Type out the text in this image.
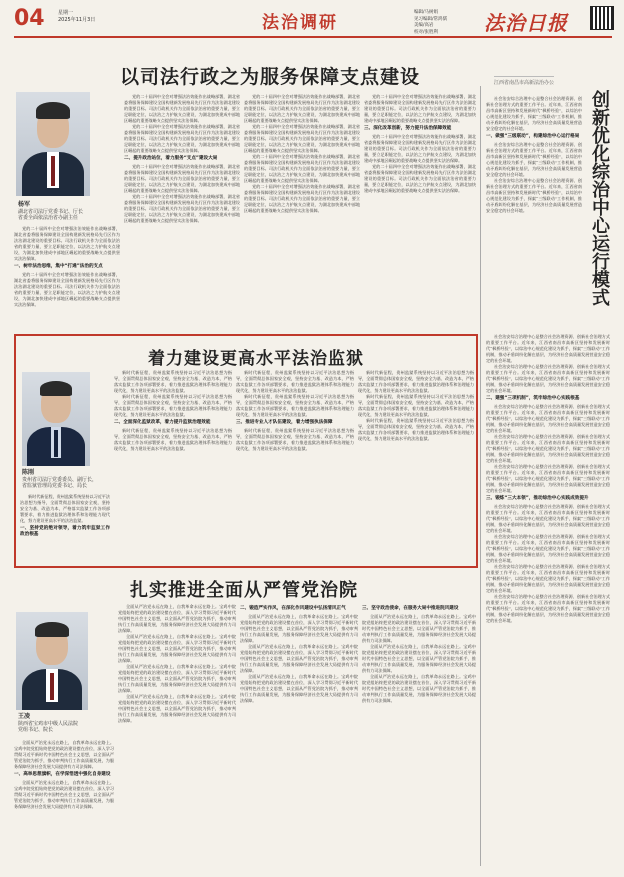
04	星期一
2025年11月3日	法治调研
编辑/马树娟
见习编辑/常鸿儒
美编/高岩
校对/张胜利	法治日报
以司法行政之为服务保障支点建设
杨军
湖北省司法厅党委书记、厅长
省委全面依法治省办副主任

党的二十届四中全会对增强法治效能作出战略部署，湖北省委将服务保障建设全国构建新发展格局先行区作为法治湖北建设的重要目标。司法行政机关作为全面依法治省的重要力量，要立足职能定位，以法治之力护航支点建设，为湖北加快建成中部地区崛起的重要战略支点提供坚实法治保障。

一、树牢法治思维，集中“打通”法治的支点

党的二十届四中全会对增强法治效能作出战略部署，湖北省委将服务保障建设全国构建新发展格局先行区作为法治湖北建设的重要目标。司法行政机关作为全面依法治省的重要力量，要立足职能定位，以法治之力护航支点建设，为湖北加快建成中部地区崛起的重要战略支点提供坚实法治保障。

党的二十届四中全会对增强法治效能作出战略部署，湖北省委将服务保障建设全国构建新发展格局先行区作为法治湖北建设的重要目标。司法行政机关作为全面依法治省的重要力量，要立足职能定位，以法治之力护航支点建设，为湖北加快建成中部地区崛起的重要战略支点提供坚实法治保障。

党的二十届四中全会对增强法治效能作出战略部署，湖北省委将服务保障建设全国构建新发展格局先行区作为法治湖北建设的重要目标。司法行政机关作为全面依法治省的重要力量，要立足职能定位，以法治之力护航支点建设，为湖北加快建成中部地区崛起的重要战略支点提供坚实法治保障。

二、提升政治站位，着力服务“支点”建设大局

党的二十届四中全会对增强法治效能作出战略部署，湖北省委将服务保障建设全国构建新发展格局先行区作为法治湖北建设的重要目标。司法行政机关作为全面依法治省的重要力量，要立足职能定位，以法治之力护航支点建设，为湖北加快建成中部地区崛起的重要战略支点提供坚实法治保障。

党的二十届四中全会对增强法治效能作出战略部署，湖北省委将服务保障建设全国构建新发展格局先行区作为法治湖北建设的重要目标。司法行政机关作为全面依法治省的重要力量，要立足职能定位，以法治之力护航支点建设，为湖北加快建成中部地区崛起的重要战略支点提供坚实法治保障。

党的二十届四中全会对增强法治效能作出战略部署，湖北省委将服务保障建设全国构建新发展格局先行区作为法治湖北建设的重要目标。司法行政机关作为全面依法治省的重要力量，要立足职能定位，以法治之力护航支点建设，为湖北加快建成中部地区崛起的重要战略支点提供坚实法治保障。

党的二十届四中全会对增强法治效能作出战略部署，湖北省委将服务保障建设全国构建新发展格局先行区作为法治湖北建设的重要目标。司法行政机关作为全面依法治省的重要力量，要立足职能定位，以法治之力护航支点建设，为湖北加快建成中部地区崛起的重要战略支点提供坚实法治保障。

党的二十届四中全会对增强法治效能作出战略部署，湖北省委将服务保障建设全国构建新发展格局先行区作为法治湖北建设的重要目标。司法行政机关作为全面依法治省的重要力量，要立足职能定位，以法治之力护航支点建设，为湖北加快建成中部地区崛起的重要战略支点提供坚实法治保障。

党的二十届四中全会对增强法治效能作出战略部署，湖北省委将服务保障建设全国构建新发展格局先行区作为法治湖北建设的重要目标。司法行政机关作为全面依法治省的重要力量，要立足职能定位，以法治之力护航支点建设，为湖北加快建成中部地区崛起的重要战略支点提供坚实法治保障。

党的二十届四中全会对增强法治效能作出战略部署，湖北省委将服务保障建设全国构建新发展格局先行区作为法治湖北建设的重要目标。司法行政机关作为全面依法治省的重要力量，要立足职能定位，以法治之力护航支点建设，为湖北加快建成中部地区崛起的重要战略支点提供坚实法治保障。

三、深化改革创新，努力提升法治保障效能

党的二十届四中全会对增强法治效能作出战略部署，湖北省委将服务保障建设全国构建新发展格局先行区作为法治湖北建设的重要目标。司法行政机关作为全面依法治省的重要力量，要立足职能定位，以法治之力护航支点建设，为湖北加快建成中部地区崛起的重要战略支点提供坚实法治保障。

党的二十届四中全会对增强法治效能作出战略部署，湖北省委将服务保障建设全国构建新发展格局先行区作为法治湖北建设的重要目标。司法行政机关作为全面依法治省的重要力量，要立足职能定位，以法治之力护航支点建设，为湖北加快建成中部地区崛起的重要战略支点提供坚实法治保障。

江西省南昌市高新法治办公
创新优化综治中心运行模式

社会治安综合治理中心是整合社会治理资源、创新社会治理方式的重要工作平台。近年来，江西省南昌市高新区坚持和发展新时代“枫桥经验”，以综治中心规范化建设为抓手，探索“三级联动”工作机制，推动矛盾纠纷化解在基层，为经济社会高质量发展营造安全稳定的社会环境。

一、做强“三级联动”，构建综治中心运行格局

社会治安综合治理中心是整合社会治理资源、创新社会治理方式的重要工作平台。近年来，江西省南昌市高新区坚持和发展新时代“枫桥经验”，以综治中心规范化建设为抓手，探索“三级联动”工作机制，推动矛盾纠纷化解在基层，为经济社会高质量发展营造安全稳定的社会环境。

社会治安综合治理中心是整合社会治理资源、创新社会治理方式的重要工作平台。近年来，江西省南昌市高新区坚持和发展新时代“枫桥经验”，以综治中心规范化建设为抓手，探索“三级联动”工作机制，推动矛盾纠纷化解在基层，为经济社会高质量发展营造安全稳定的社会环境。

社会治安综合治理中心是整合社会治理资源、创新社会治理方式的重要工作平台。近年来，江西省南昌市高新区坚持和发展新时代“枫桥经验”，以综治中心规范化建设为抓手，探索“三级联动”工作机制，推动矛盾纠纷化解在基层，为经济社会高质量发展营造安全稳定的社会环境。

社会治安综合治理中心是整合社会治理资源、创新社会治理方式的重要工作平台。近年来，江西省南昌市高新区坚持和发展新时代“枫桥经验”，以综治中心规范化建设为抓手，探索“三级联动”工作机制，推动矛盾纠纷化解在基层，为经济社会高质量发展营造安全稳定的社会环境。

二、建强“三项机制”，筑牢综治中心实践根基

社会治安综合治理中心是整合社会治理资源、创新社会治理方式的重要工作平台。近年来，江西省南昌市高新区坚持和发展新时代“枫桥经验”，以综治中心规范化建设为抓手，探索“三级联动”工作机制，推动矛盾纠纷化解在基层，为经济社会高质量发展营造安全稳定的社会环境。

社会治安综合治理中心是整合社会治理资源、创新社会治理方式的重要工作平台。近年来，江西省南昌市高新区坚持和发展新时代“枫桥经验”，以综治中心规范化建设为抓手，探索“三级联动”工作机制，推动矛盾纠纷化解在基层，为经济社会高质量发展营造安全稳定的社会环境。

社会治安综合治理中心是整合社会治理资源、创新社会治理方式的重要工作平台。近年来，江西省南昌市高新区坚持和发展新时代“枫桥经验”，以综治中心规范化建设为抓手，探索“三级联动”工作机制，推动矛盾纠纷化解在基层，为经济社会高质量发展营造安全稳定的社会环境。

三、锻炼“三大本领”，推动综治中心实践成效提升

社会治安综合治理中心是整合社会治理资源、创新社会治理方式的重要工作平台。近年来，江西省南昌市高新区坚持和发展新时代“枫桥经验”，以综治中心规范化建设为抓手，探索“三级联动”工作机制，推动矛盾纠纷化解在基层，为经济社会高质量发展营造安全稳定的社会环境。

社会治安综合治理中心是整合社会治理资源、创新社会治理方式的重要工作平台。近年来，江西省南昌市高新区坚持和发展新时代“枫桥经验”，以综治中心规范化建设为抓手，探索“三级联动”工作机制，推动矛盾纠纷化解在基层，为经济社会高质量发展营造安全稳定的社会环境。

社会治安综合治理中心是整合社会治理资源、创新社会治理方式的重要工作平台。近年来，江西省南昌市高新区坚持和发展新时代“枫桥经验”，以综治中心规范化建设为抓手，探索“三级联动”工作机制，推动矛盾纠纷化解在基层，为经济社会高质量发展营造安全稳定的社会环境。

社会治安综合治理中心是整合社会治理资源、创新社会治理方式的重要工作平台。近年来，江西省南昌市高新区坚持和发展新时代“枫桥经验”，以综治中心规范化建设为抓手，探索“三级联动”工作机制，推动矛盾纠纷化解在基层，为经济社会高质量发展营造安全稳定的社会环境。

着力建设更高水平法治监狱
陈刚
贵州省司法厅党委委员、副厅长，
省监狱管理局党委书记、局长

新时代新征程，贵州监狱系统坚持以习近平法治思想为指导，全面贯彻总体国家安全观，坚持安全为基、改造为本，严格落实监狱工作各项部署要求，着力推进监狱治理体系和治理能力现代化，努力建设更高水平的法治监狱。

一、坚持党的绝对领导，着力筑牢监狱工作政治根基

新时代新征程，贵州监狱系统坚持以习近平法治思想为指导，全面贯彻总体国家安全观，坚持安全为基、改造为本，严格落实监狱工作各项部署要求，着力推进监狱治理体系和治理能力现代化，努力建设更高水平的法治监狱。

新时代新征程，贵州监狱系统坚持以习近平法治思想为指导，全面贯彻总体国家安全观，坚持安全为基、改造为本，严格落实监狱工作各项部署要求，着力推进监狱治理体系和治理能力现代化，努力建设更高水平的法治监狱。

二、全面深化监狱改革，着力提升监狱治理效能

新时代新征程，贵州监狱系统坚持以习近平法治思想为指导，全面贯彻总体国家安全观，坚持安全为基、改造为本，严格落实监狱工作各项部署要求，着力推进监狱治理体系和治理能力现代化，努力建设更高水平的法治监狱。

新时代新征程，贵州监狱系统坚持以习近平法治思想为指导，全面贯彻总体国家安全观，坚持安全为基、改造为本，严格落实监狱工作各项部署要求，着力推进监狱治理体系和治理能力现代化，努力建设更高水平的法治监狱。

新时代新征程，贵州监狱系统坚持以习近平法治思想为指导，全面贯彻总体国家安全观，坚持安全为基、改造为本，严格落实监狱工作各项部署要求，着力推进监狱治理体系和治理能力现代化，努力建设更高水平的法治监狱。

三、推进专业人才队伍建设，着力增强执法保障

新时代新征程，贵州监狱系统坚持以习近平法治思想为指导，全面贯彻总体国家安全观，坚持安全为基、改造为本，严格落实监狱工作各项部署要求，着力推进监狱治理体系和治理能力现代化，努力建设更高水平的法治监狱。

新时代新征程，贵州监狱系统坚持以习近平法治思想为指导，全面贯彻总体国家安全观，坚持安全为基、改造为本，严格落实监狱工作各项部署要求，着力推进监狱治理体系和治理能力现代化，努力建设更高水平的法治监狱。

新时代新征程，贵州监狱系统坚持以习近平法治思想为指导，全面贯彻总体国家安全观，坚持安全为基、改造为本，严格落实监狱工作各项部署要求，着力推进监狱治理体系和治理能力现代化，努力建设更高水平的法治监狱。

新时代新征程，贵州监狱系统坚持以习近平法治思想为指导，全面贯彻总体国家安全观，坚持安全为基、改造为本，严格落实监狱工作各项部署要求，着力推进监狱治理体系和治理能力现代化，努力建设更高水平的法治监狱。

扎实推进全面从严管党治院
王凌
陕西省宝鸡市中级人民法院
党组书记、院长

全面从严治党永远在路上，自我革命永远在路上。宝鸡中院党组始终把党的政治建设摆在首位，深入学习贯彻习近平新时代中国特色社会主义思想，以全面从严管党治院为抓手，推动审判执行工作高质量发展，为服务保障经济社会发展大局提供有力司法保障。

一、高举思想旗帜，在学深悟透中强化自身建设

全面从严治党永远在路上，自我革命永远在路上。宝鸡中院党组始终把党的政治建设摆在首位，深入学习贯彻习近平新时代中国特色社会主义思想，以全面从严管党治院为抓手，推动审判执行工作高质量发展，为服务保障经济社会发展大局提供有力司法保障。

全面从严治党永远在路上，自我革命永远在路上。宝鸡中院党组始终把党的政治建设摆在首位，深入学习贯彻习近平新时代中国特色社会主义思想，以全面从严管党治院为抓手，推动审判执行工作高质量发展，为服务保障经济社会发展大局提供有力司法保障。

全面从严治党永远在路上，自我革命永远在路上。宝鸡中院党组始终把党的政治建设摆在首位，深入学习贯彻习近平新时代中国特色社会主义思想，以全面从严管党治院为抓手，推动审判执行工作高质量发展，为服务保障经济社会发展大局提供有力司法保障。

全面从严治党永远在路上，自我革命永远在路上。宝鸡中院党组始终把党的政治建设摆在首位，深入学习贯彻习近平新时代中国特色社会主义思想，以全面从严管党治院为抓手，推动审判执行工作高质量发展，为服务保障经济社会发展大局提供有力司法保障。

全面从严治党永远在路上，自我革命永远在路上。宝鸡中院党组始终把党的政治建设摆在首位，深入学习贯彻习近平新时代中国特色社会主义思想，以全面从严管党治院为抓手，推动审判执行工作高质量发展，为服务保障经济社会发展大局提供有力司法保障。

二、锻造严实作风，在深化作风建设中弘扬清风正气

全面从严治党永远在路上，自我革命永远在路上。宝鸡中院党组始终把党的政治建设摆在首位，深入学习贯彻习近平新时代中国特色社会主义思想，以全面从严管党治院为抓手，推动审判执行工作高质量发展，为服务保障经济社会发展大局提供有力司法保障。

全面从严治党永远在路上，自我革命永远在路上。宝鸡中院党组始终把党的政治建设摆在首位，深入学习贯彻习近平新时代中国特色社会主义思想，以全面从严管党治院为抓手，推动审判执行工作高质量发展，为服务保障经济社会发展大局提供有力司法保障。

全面从严治党永远在路上，自我革命永远在路上。宝鸡中院党组始终把党的政治建设摆在首位，深入学习贯彻习近平新时代中国特色社会主义思想，以全面从严管党治院为抓手，推动审判执行工作高质量发展，为服务保障经济社会发展大局提供有力司法保障。

三、坚守政治使命，在服务大局中推进院风建设

全面从严治党永远在路上，自我革命永远在路上。宝鸡中院党组始终把党的政治建设摆在首位，深入学习贯彻习近平新时代中国特色社会主义思想，以全面从严管党治院为抓手，推动审判执行工作高质量发展，为服务保障经济社会发展大局提供有力司法保障。

全面从严治党永远在路上，自我革命永远在路上。宝鸡中院党组始终把党的政治建设摆在首位，深入学习贯彻习近平新时代中国特色社会主义思想，以全面从严管党治院为抓手，推动审判执行工作高质量发展，为服务保障经济社会发展大局提供有力司法保障。

全面从严治党永远在路上，自我革命永远在路上。宝鸡中院党组始终把党的政治建设摆在首位，深入学习贯彻习近平新时代中国特色社会主义思想，以全面从严管党治院为抓手，推动审判执行工作高质量发展，为服务保障经济社会发展大局提供有力司法保障。
